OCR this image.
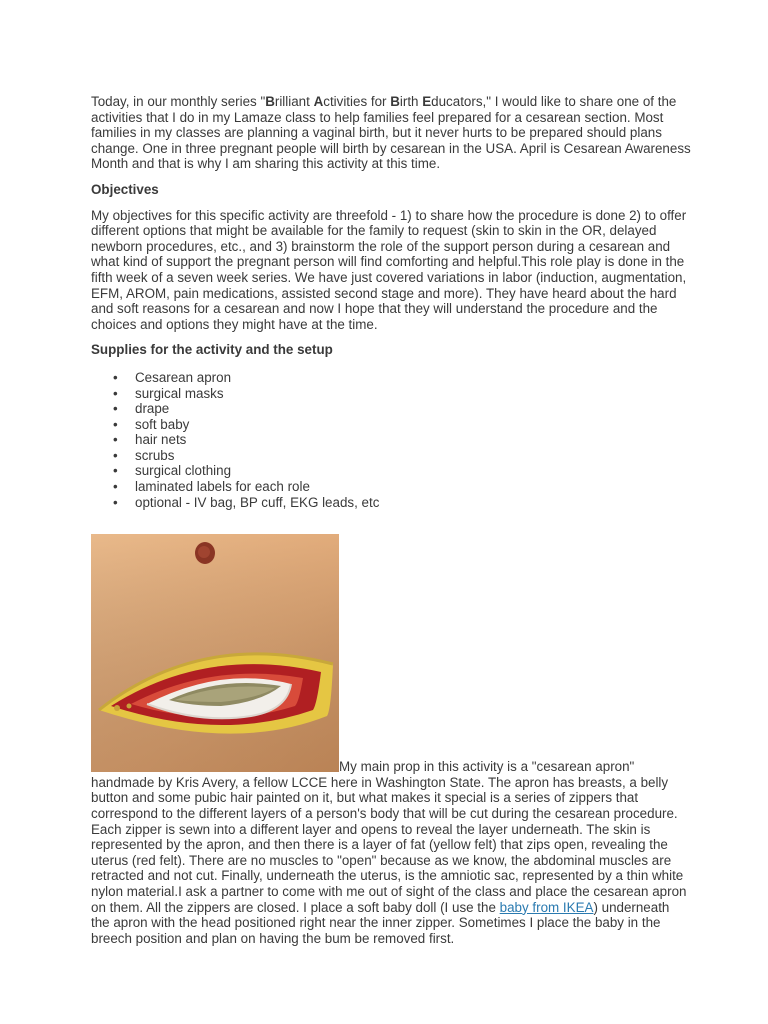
Today, in our monthly series "Brilliant Activities for Birth Educators," I would like to share one of the activities that I do in my Lamaze class to help families feel prepared for a cesarean section. Most families in my classes are planning a vaginal birth, but it never hurts to be prepared should plans change. One in three pregnant people will birth by cesarean in the USA. April is Cesarean Awareness Month and that is why I am sharing this activity at this time.

Objectives

My objectives for this specific activity are threefold - 1) to share how the procedure is done 2) to offer different options that might be available for the family to request (skin to skin in the OR, delayed newborn procedures, etc., and 3) brainstorm the role of the support person during a cesarean and what kind of support the pregnant person will find comforting and helpful.This role play is done in the fifth week of a seven week series. We have just covered variations in labor (induction, augmentation, EFM, AROM, pain medications, assisted second stage and more). They have heard about the hard and soft reasons for a cesarean and now I hope that they will understand the procedure and the choices and options they might have at the time.

Supplies for the activity and the setup
• Cesarean apron
• surgical masks
• drape
• soft baby
• hair nets
• scrubs
• surgical clothing
• laminated labels for each role
• optional - IV bag, BP cuff, EKG leads, etc

My main prop in this activity is a "cesarean apron" handmade by Kris Avery, a fellow LCCE here in Washington State. The apron has breasts, a belly button and some pubic hair painted on it, but what makes it special is a series of zippers that correspond to the different layers of a person's body that will be cut during the cesarean procedure. Each zipper is sewn into a different layer and opens to reveal the layer underneath. The skin is represented by the apron, and then there is a layer of fat (yellow felt) that zips open, revealing the uterus (red felt). There are no muscles to "open" because as we know, the abdominal muscles are retracted and not cut. Finally, underneath the uterus, is the amniotic sac, represented by a thin white nylon material.I ask a partner to come with me out of sight of the class and place the cesarean apron on them. All the zippers are closed. I place a soft baby doll (I use the baby from IKEA) underneath the apron with the head positioned right near the inner zipper. Sometimes I place the baby in the breech position and plan on having the bum be removed first.
